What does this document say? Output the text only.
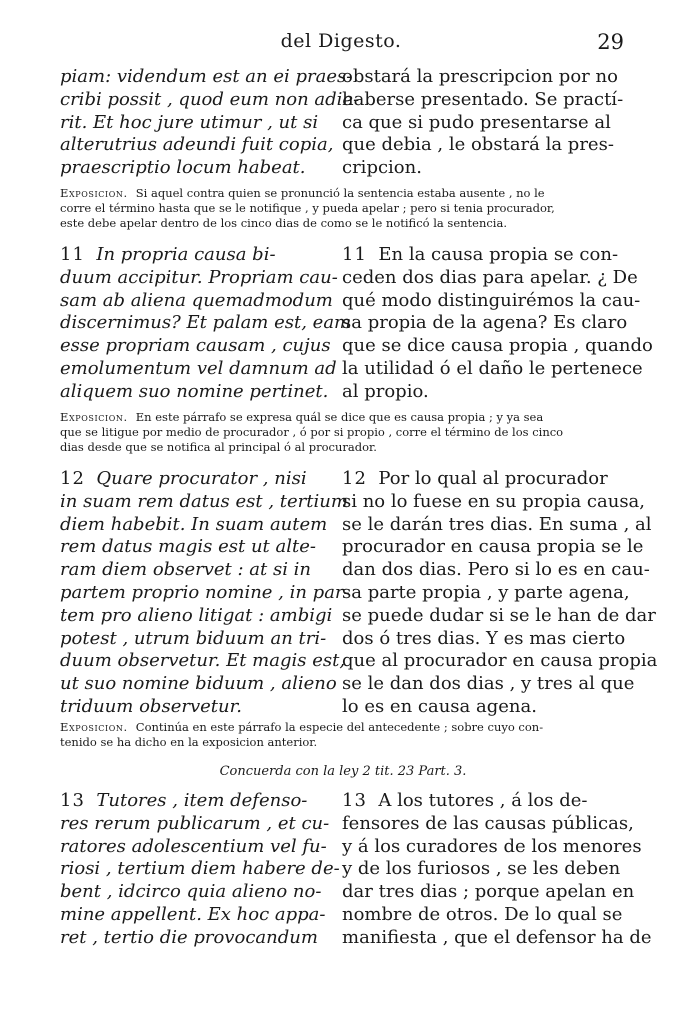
del Digesto.	29
piam: videndum est an ei praes-
cribi possit , quod eum non adie-
rit. Et hoc jure utimur , ut si
alterutrius adeundi fuit copia,
praescriptio locum habeat.
obstará la prescripcion por no
haberse presentado. Se practí-
ca que si pudo presentarse al
que debia , le obstará la pres-
cripcion.
Exposicion. Si aquel contra quien se pronunció la sentencia estaba ausente , no le
corre el término hasta que se le notifique , y pueda apelar ; pero si tenia procurador,
este debe apelar dentro de los cinco dias de como se le notificó la sentencia.
11 In propria causa bi-
duum accipitur. Propriam cau-
sam ab aliena quemadmodum
discernimus? Et palam est, eam
esse propriam causam , cujus
emolumentum vel damnum ad
aliquem suo nomine pertinet.
11 En la causa propia se con-
ceden dos dias para apelar. ¿ De
qué modo distinguirémos la cau-
sa propia de la agena? Es claro
que se dice causa propia , quando
la utilidad ó el daño le pertenece
al propio.
Exposicion. En este párrafo se expresa quál se dice que es causa propia ; y ya sea
que se litigue por medio de procurador , ó por si propio , corre el término de los cinco
dias desde que se notifica al principal ó al procurador.
12 Quare procurator , nisi
in suam rem datus est , tertium
diem habebit. In suam autem
rem datus magis est ut alte-
ram diem observet : at si in
partem proprio nomine , in par-
tem pro alieno litigat : ambigi
potest , utrum biduum an tri-
duum observetur. Et magis est,
ut suo nomine biduum , alieno
triduum observetur.
12 Por lo qual al procurador
si no lo fuese en su propia causa,
se le darán tres dias. En suma , al
procurador en causa propia se le
dan dos dias. Pero si lo es en cau-
sa parte propia , y parte agena,
se puede dudar si se le han de dar
dos ó tres dias. Y es mas cierto
que al procurador en causa propia
se le dan dos dias , y tres al que
lo es en causa agena.
Exposicion. Continúa en este párrafo la especie del antecedente ; sobre cuyo con-
tenido se ha dicho en la exposicion anterior.
Concuerda con la ley 2 tit. 23 Part. 3.
13 Tutores , item defenso-
res rerum publicarum , et cu-
ratores adolescentium vel fu-
riosi , tertium diem habere de-
bent , idcirco quia alieno no-
mine appellent. Ex hoc appa-
ret , tertio die provocandum
13 A los tutores , á los de-
fensores de las causas públicas,
y á los curadores de los menores
y de los furiosos , se les deben
dar tres dias ; porque apelan en
nombre de otros. De lo qual se
manifiesta , que el defensor ha de
